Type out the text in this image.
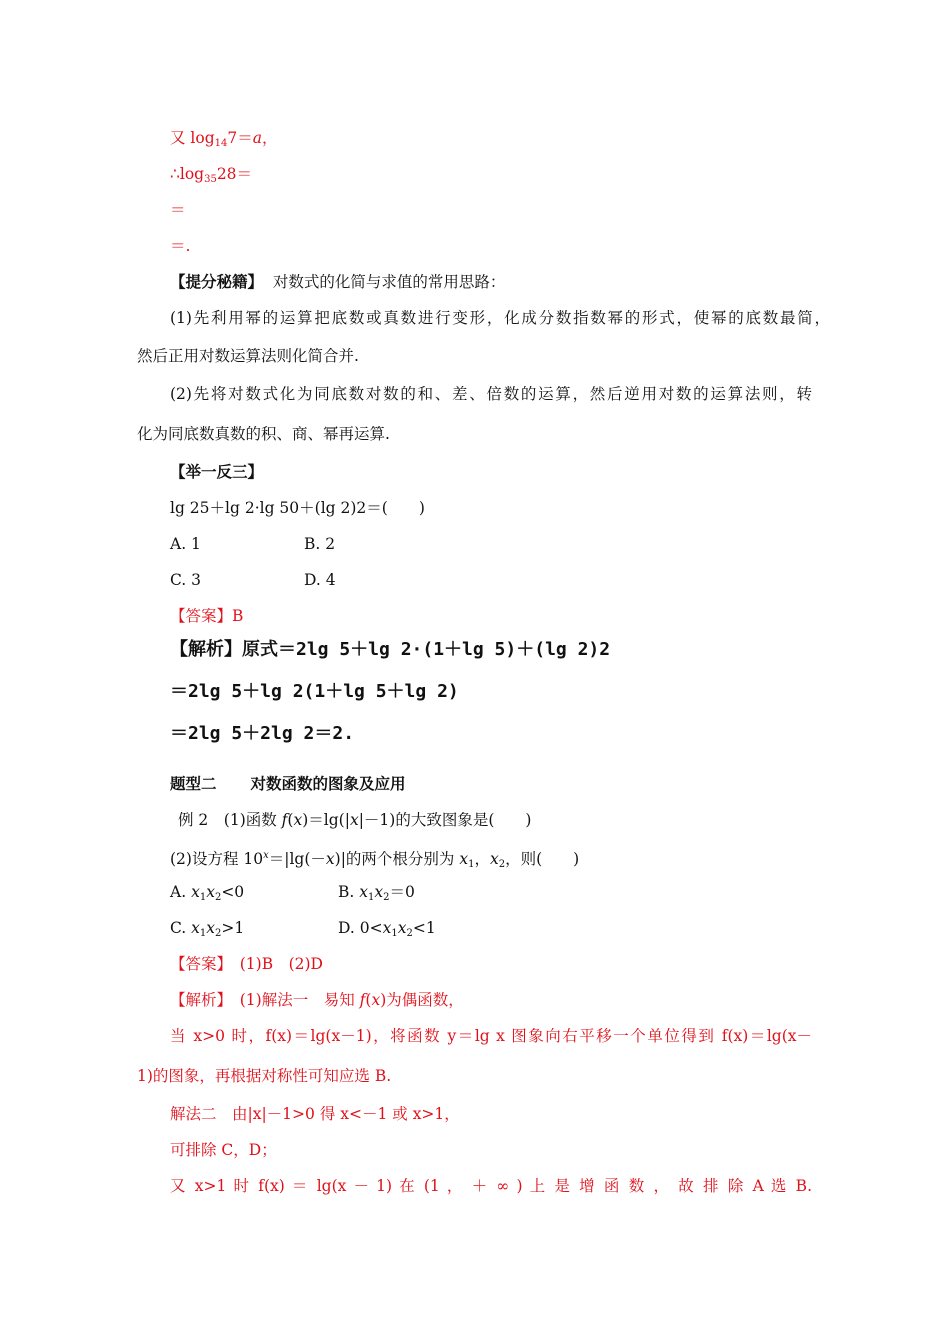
又 $\log_{14}7=a$，
$\therefore\log_{35}28=$
＝
＝.
【提分秘籍】 对数式的化简与求值的常用思路：
(1)先利用幂的运算把底数或真数进行变形，化成分数指数幂的形式，使幂的底数最简，
然后正用对数运算法则化简合并.
(2)先将对数式化为同底数对数的和、差、倍数的运算，然后逆用对数的运算法则，转
化为同底数真数的积、商、幂再运算.
【举一反三】
lg 25＋lg 2·lg 50＋(lg 2)2＝(　　)
A. 1	B. 2
C. 3	D. 4
【答案】B
【解析】原式＝2lg 5＋lg 2·(1＋lg 5)＋(lg 2)2
＝2lg 5＋lg 2(1＋lg 5＋lg 2)
＝2lg 5＋2lg 2＝2.
题型二 对数函数的图象及应用
例 2　(1)函数 f(x)＝lg(|x|－1)的大致图象是(　　)
(2)设方程 $10^x=|\lg(-x)|$的两个根分别为 $x_1$，$x_2$，则(　　)
A. $x_1x_2<0$	B. $x_1x_2=0$
C. $x_1x_2>1$	D. $0<x_1x_2<1$
【答案】　(1)B　(2)D
【解析】　(1)解法一　易知 f(x)为偶函数，
当 x>0 时，f(x)＝lg(x－1)，将函数 y＝lg x 图象向右平移一个单位得到 f(x)＝lg(x－
1)的图象，再根据对称性可知应选 B.
解法二　由|x|－1>0 得 x<－1 或 x>1，
可排除 C，D；
又 x>1 时 f(x) ＝ lg(x － 1) 在 (1 ， ＋ ∞ ) 上 是 增 函 数 ， 故 排 除 A 选 B.
